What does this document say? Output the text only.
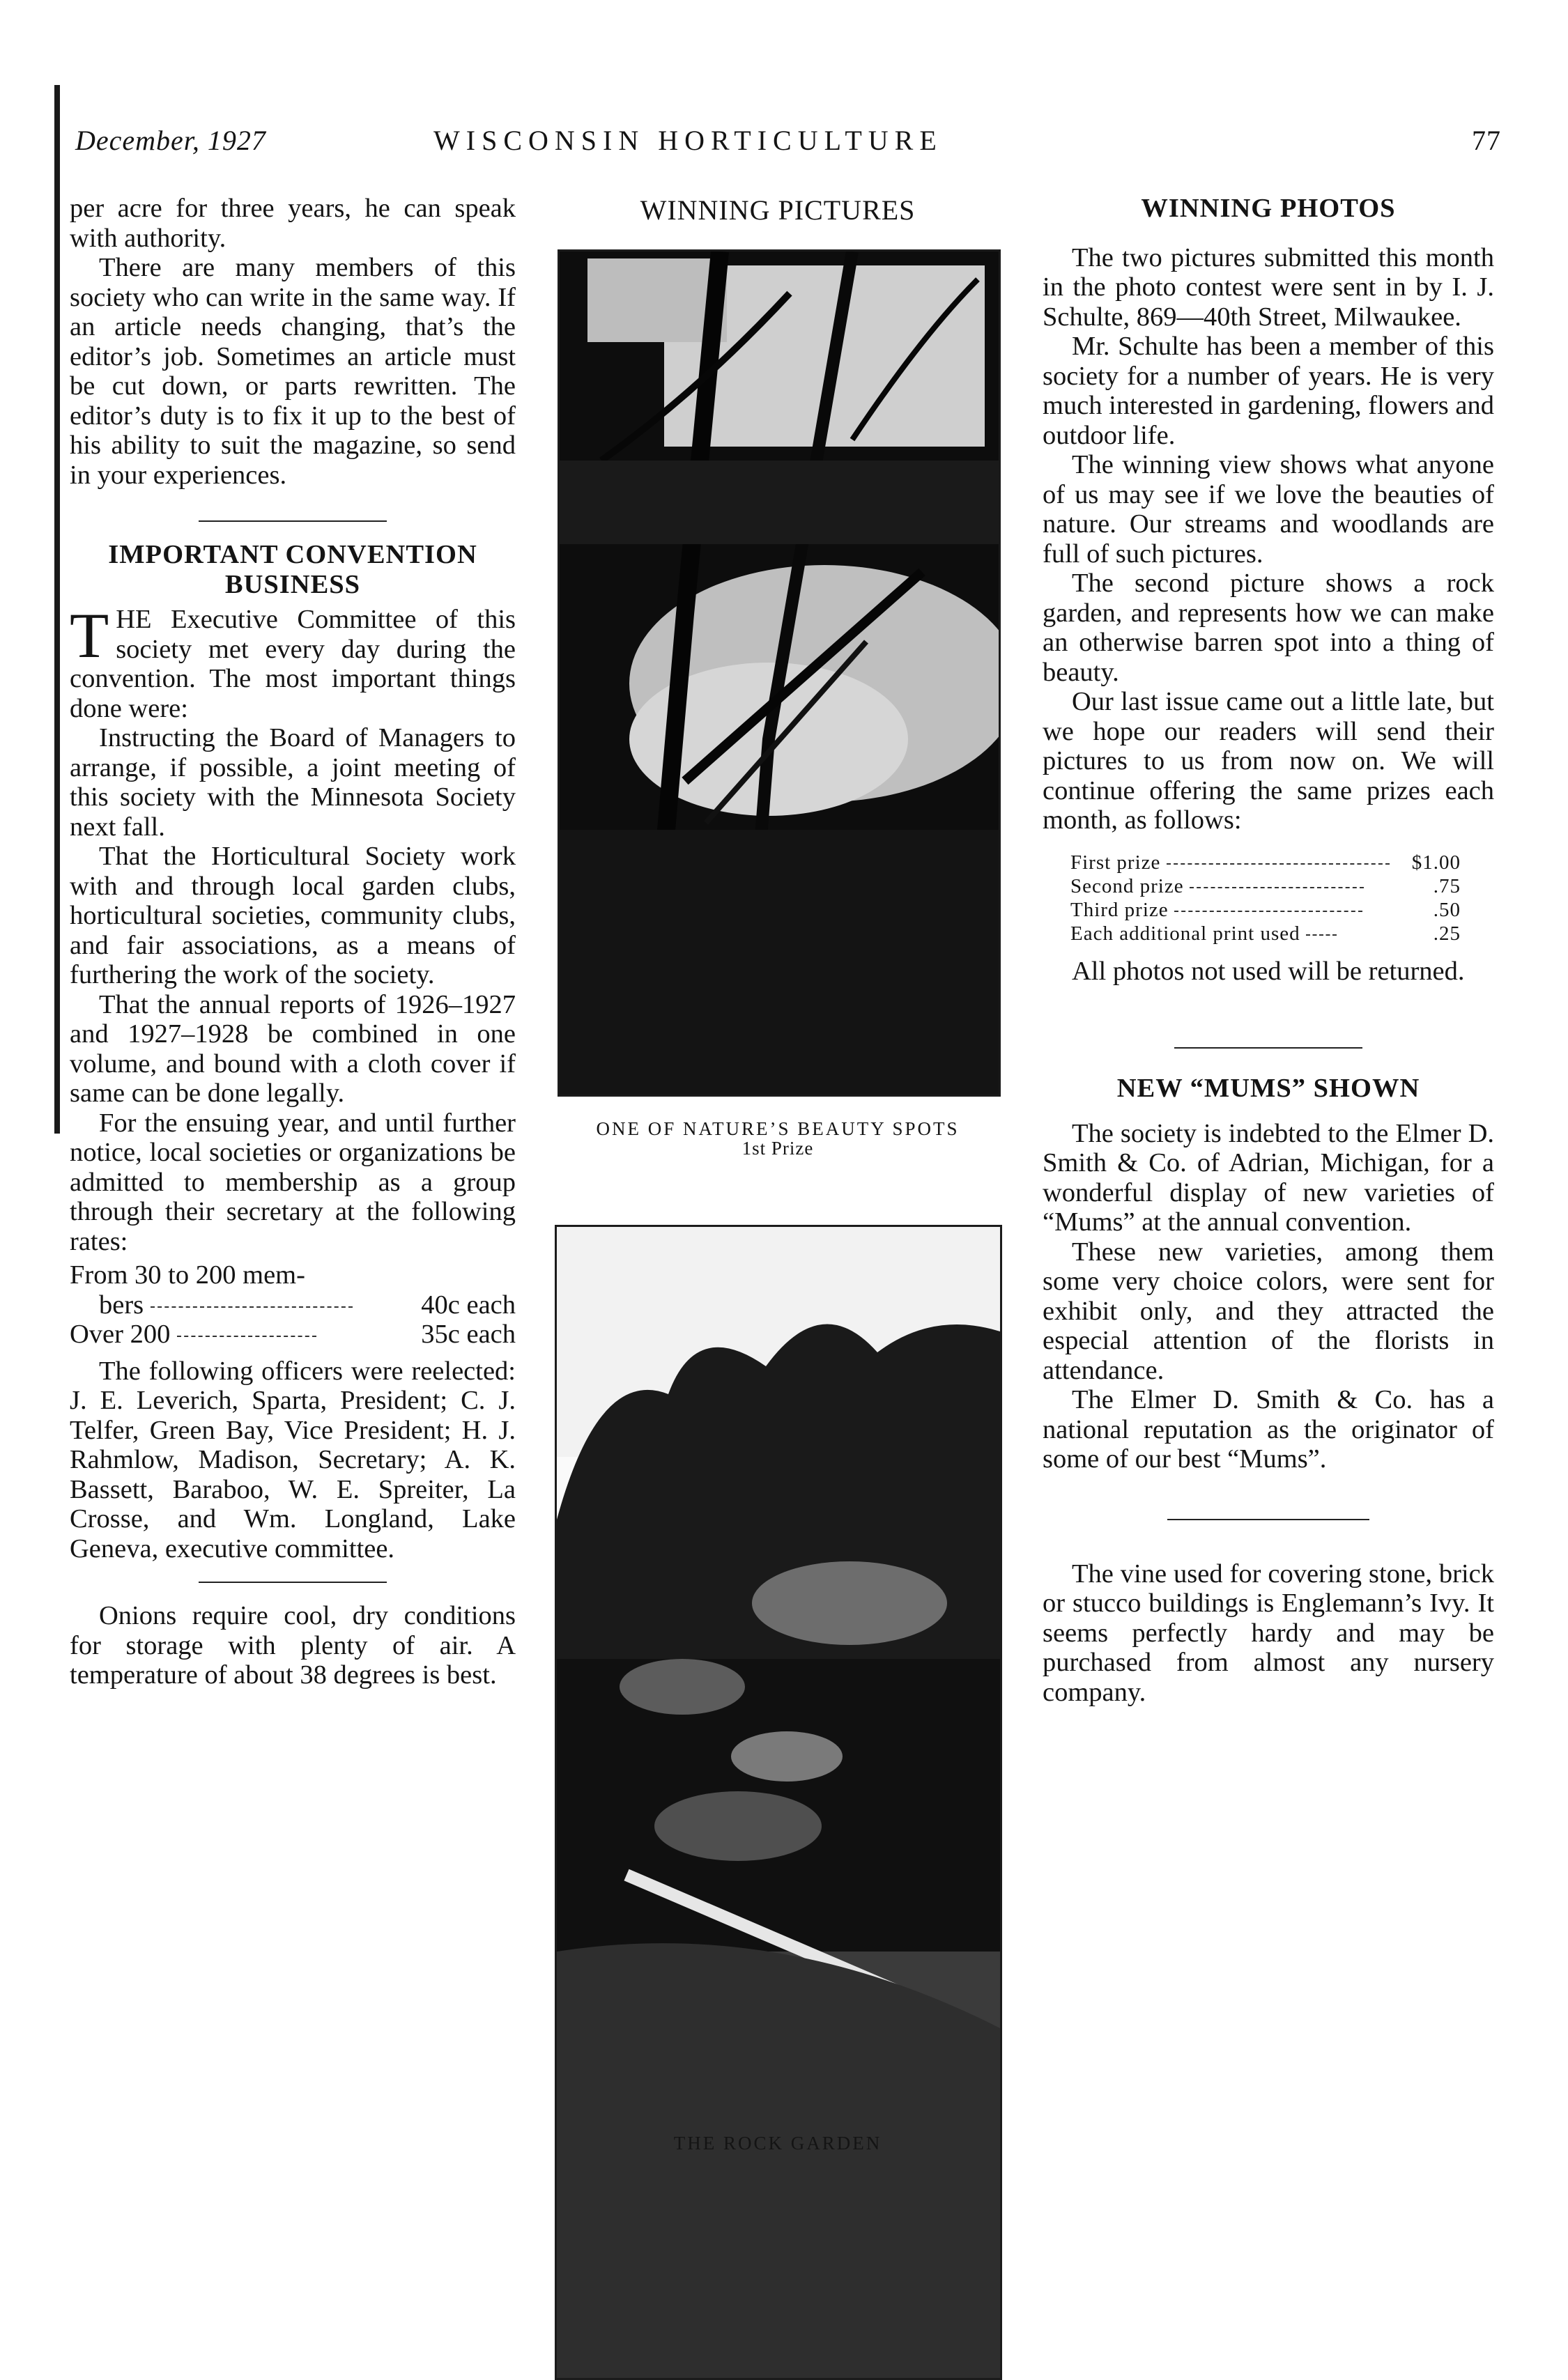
December, 1927	WISCONSIN HORTICULTURE	77

per acre for three years, he can speak with authority.

There are many members of this society who can write in the same way. If an article needs changing, that’s the editor’s job. Sometimes an article must be cut down, or parts rewritten. The editor’s duty is to fix it up to the best of his ability to suit the magazine, so send in your experiences.

IMPORTANT CONVENTION
BUSINESS

THE Executive Committee of this society met every day during the convention. The most important things done were:

Instructing the Board of Managers to arrange, if possible, a joint meeting of this society with the Minnesota Society next fall.

That the Horticultural Society work with and through local garden clubs, horticultural societies, community clubs, and fair associations, as a means of furthering the work of the society.

That the annual reports of 1926–1927 and 1927–1928 be combined in one volume, and bound with a cloth cover if same can be done legally.

For the ensuing year, and until further notice, local societies or organizations be admitted to membership as a group through their secretary at the following rates:

From 30 to 200 mem-	
bers	40c each
Over 200	35c each

The following officers were reelected: J. E. Leverich, Sparta, President; C. J. Telfer, Green Bay, Vice President; H. J. Rahmlow, Madison, Secretary; A. K. Bassett, Baraboo, W. E. Spreiter, La Crosse, and Wm. Longland, Lake Geneva, executive committee.

Onions require cool, dry conditions for storage with plenty of air. A temperature of about 38 degrees is best.

WINNING PICTURES
ONE OF NATURE’S BEAUTY SPOTS
1st Prize
THE ROCK GARDEN
WINNING PHOTOS

The two pictures submitted this month in the photo contest were sent in by I. J. Schulte, 869—40th Street, Milwaukee.

Mr. Schulte has been a member of this society for a number of years. He is very much interested in gardening, flowers and outdoor life.

The winning view shows what anyone of us may see if we love the beauties of nature. Our streams and woodlands are full of such pictures.

The second picture shows a rock garden, and represents how we can make an otherwise barren spot into a thing of beauty.

Our last issue came out a little late, but we hope our readers will send their pictures to us from now on. We will continue offering the same prizes each month, as follows:

First prize	$1.00
Second prize	.75
Third prize	.50
Each additional print used	.25

All photos not used will be returned.

NEW “MUMS” SHOWN

The society is indebted to the Elmer D. Smith & Co. of Adrian, Michigan, for a wonderful display of new varieties of “Mums” at the annual convention.

These new varieties, among them some very choice colors, were sent for exhibit only, and they attracted the especial attention of the florists in attendance.

The Elmer D. Smith & Co. has a national reputation as the originator of some of our best “Mums”.

The vine used for covering stone, brick or stucco buildings is Englemann’s Ivy. It seems perfectly hardy and may be purchased from almost any nursery company.
